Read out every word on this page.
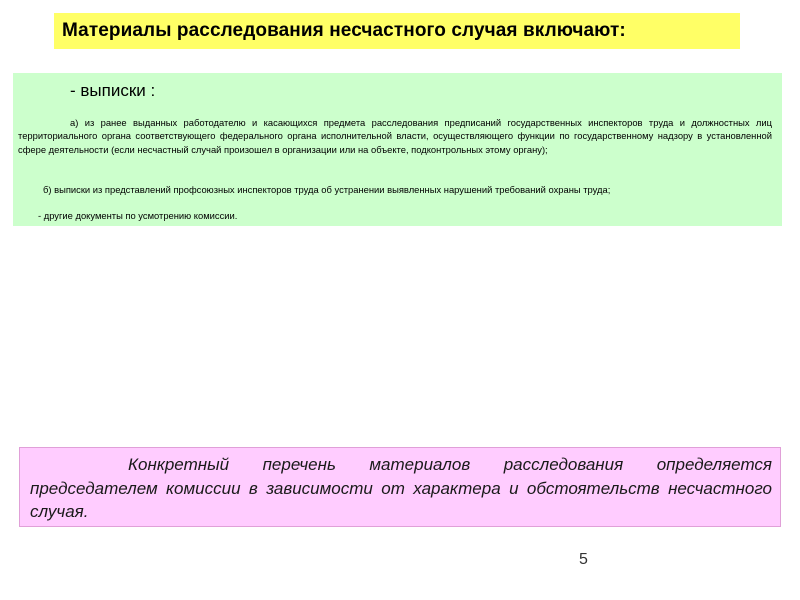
Материалы расследования несчастного случая включают:
- выписки :
а) из ранее выданных работодателю и касающихся предмета расследования предписаний государственных инспекторов труда и должностных лиц территориального органа соответствующего федерального органа исполнительной власти, осуществляющего функции по государственному надзору в установленной сфере деятельности (если несчастный случай произошел в организации или на объекте, подконтрольных этому органу);
б) выписки из представлений профсоюзных инспекторов труда об устранении выявленных нарушений требований охраны труда;
- другие документы по усмотрению комиссии.
Конкретный перечень материалов расследования определяется председателем комиссии в зависимости от характера и обстоятельств несчастного случая.
5
